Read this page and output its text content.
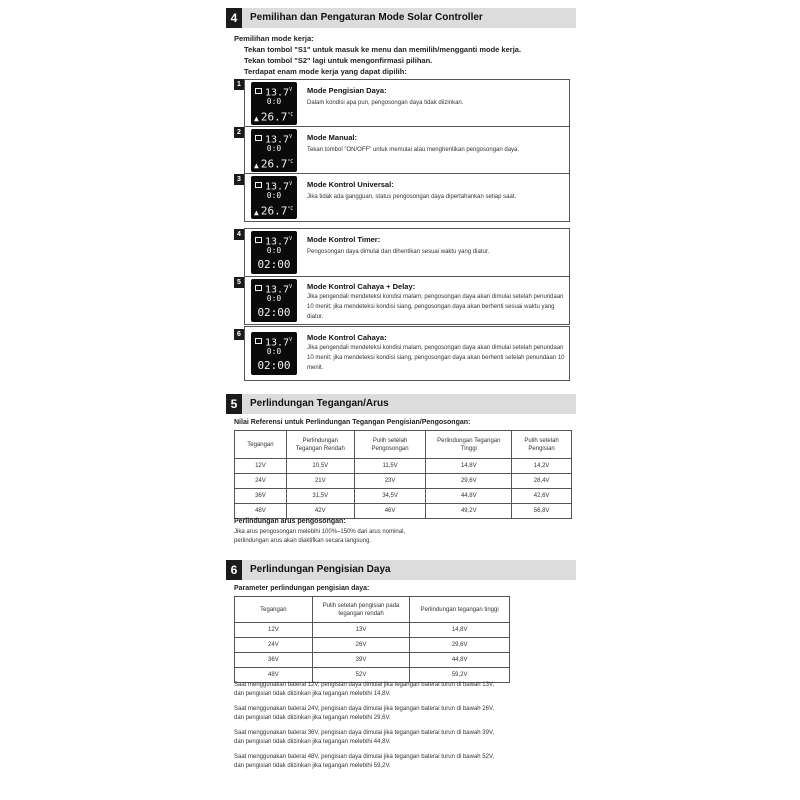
4	Pemilihan dan Pengaturan Mode Solar Controller
Pemilihan mode kerja:
Tekan tombol "S1" untuk masuk ke menu dan memilih/mengganti mode kerja.
Tekan tombol "S2" lagi untuk mengonfirmasi pilihan.
Terdapat enam mode kerja yang dapat dipilih:
1
$13.7^V$
0:0
▲ $26.7^{^\circ C}$
Mode Pengisian Daya:
Dalam kondisi apa pun, pengosongan daya tidak diizinkan.
2
$13.7^V$
0:0
▲ $26.7^{^\circ C}$
Mode Manual:
Tekan tombol "ON/OFF" untuk memulai atau menghentikan pengosongan daya.
3
$13.7^V$
0:0
▲ $26.7^{^\circ C}$
Mode Kontrol Universal:
Jika tidak ada gangguan, status pengosongan daya dipertahankan setiap saat.
4
$13.7^V$
0:0
02:00
Mode Kontrol Timer:
Pengosongan daya dimulai dan dihentikan sesuai waktu yang diatur.
5
$13.7^V$
0:0
02:00
Mode Kontrol Cahaya + Delay:
Jika pengendali mendeteksi kondisi malam, pengosongan daya akan dimulai setelah penundaan 10 menit; jika mendeteksi kondisi siang, pengosongan daya akan berhenti sesuai waktu yang diatur.
6
$13.7^V$
0:0
02:00
Mode Kontrol Cahaya:
Jika pengendali mendeteksi kondisi malam, pengosongan daya akan dimulai setelah penundaan 10 menit; jika mendeteksi kondisi siang, pengosongan daya akan berhenti setelah penundaan 10 menit.
5	Perlindungan Tegangan/Arus
Nilai Referensi untuk Perlindungan Tegangan Pengisian/Pengosongan:
Tegangan	Perlindungan Tegangan Rendah	Pulih setelah Pengosongan	Perlindungan Tegangan Tinggi	Pulih setelah Pengisian
12V	10,5V	11,5V	14,8V	14,2V
24V	21V	23V	29,6V	28,4V
36V	31,5V	34,5V	44,8V	42,6V
48V	42V	46V	49,2V	56,8V
Perlindungan arus pengosongan:
Jika arus pengosongan melebihi 100%–150% dari arus nominal,
perlindungan arus akan diaktifkan secara langsung.
6	Perlindungan Pengisian Daya
Parameter perlindungan pengisian daya:
Tegangan	Pulih setelah pengisian pada tegangan rendah	Perlindungan tegangan tinggi
12V	13V	14,8V
24V	26V	29,6V
36V	39V	44,8V
48V	52V	59,2V
Saat menggunakan baterai 12V, pengisian daya dimulai jika tegangan baterai turun di bawah 13V,
dan pengisian tidak diizinkan jika tegangan melebihi 14,8V.
Saat menggunakan baterai 24V, pengisian daya dimulai jika tegangan baterai turun di bawah 26V,
dan pengisian tidak diizinkan jika tegangan melebihi 29,6V.
Saat menggunakan baterai 36V, pengisian daya dimulai jika tegangan baterai turun di bawah 39V,
dan pengisian tidak diizinkan jika tegangan melebihi 44,8V.
Saat menggunakan baterai 48V, pengisian daya dimulai jika tegangan baterai turun di bawah 52V,
dan pengisian tidak diizinkan jika tegangan melebihi 59,2V.
